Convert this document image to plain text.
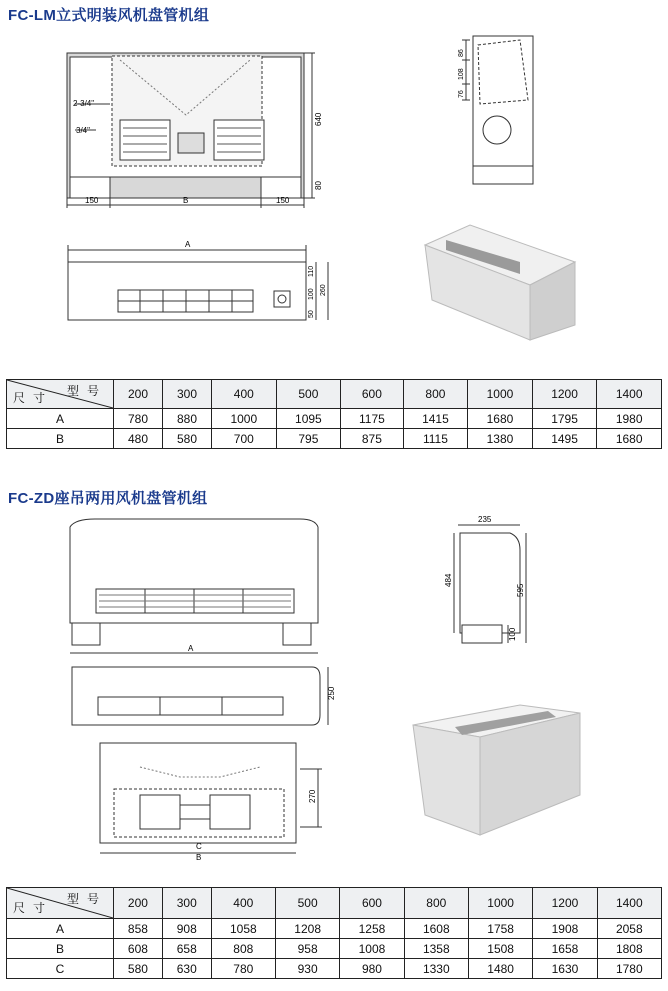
FC-LM立式明装风机盘管机组
2-3/4"
3/4"
640
80
150	B	150
86
108
76
A
110
100
50
260
型号
尺寸	200	300	400	500	600	800	1000	1200	1400
A	780	880	1000	1095	1175	1415	1680	1795	1980
B	480	580	700	795	875	1115	1380	1495	1680
FC-ZD座吊两用风机盘管机组
A
250
270
C
B
235
484
595
100
型号
尺寸	200	300	400	500	600	800	1000	1200	1400
A	858	908	1058	1208	1258	1608	1758	1908	2058
B	608	658	808	958	1008	1358	1508	1658	1808
C	580	630	780	930	980	1330	1480	1630	1780
